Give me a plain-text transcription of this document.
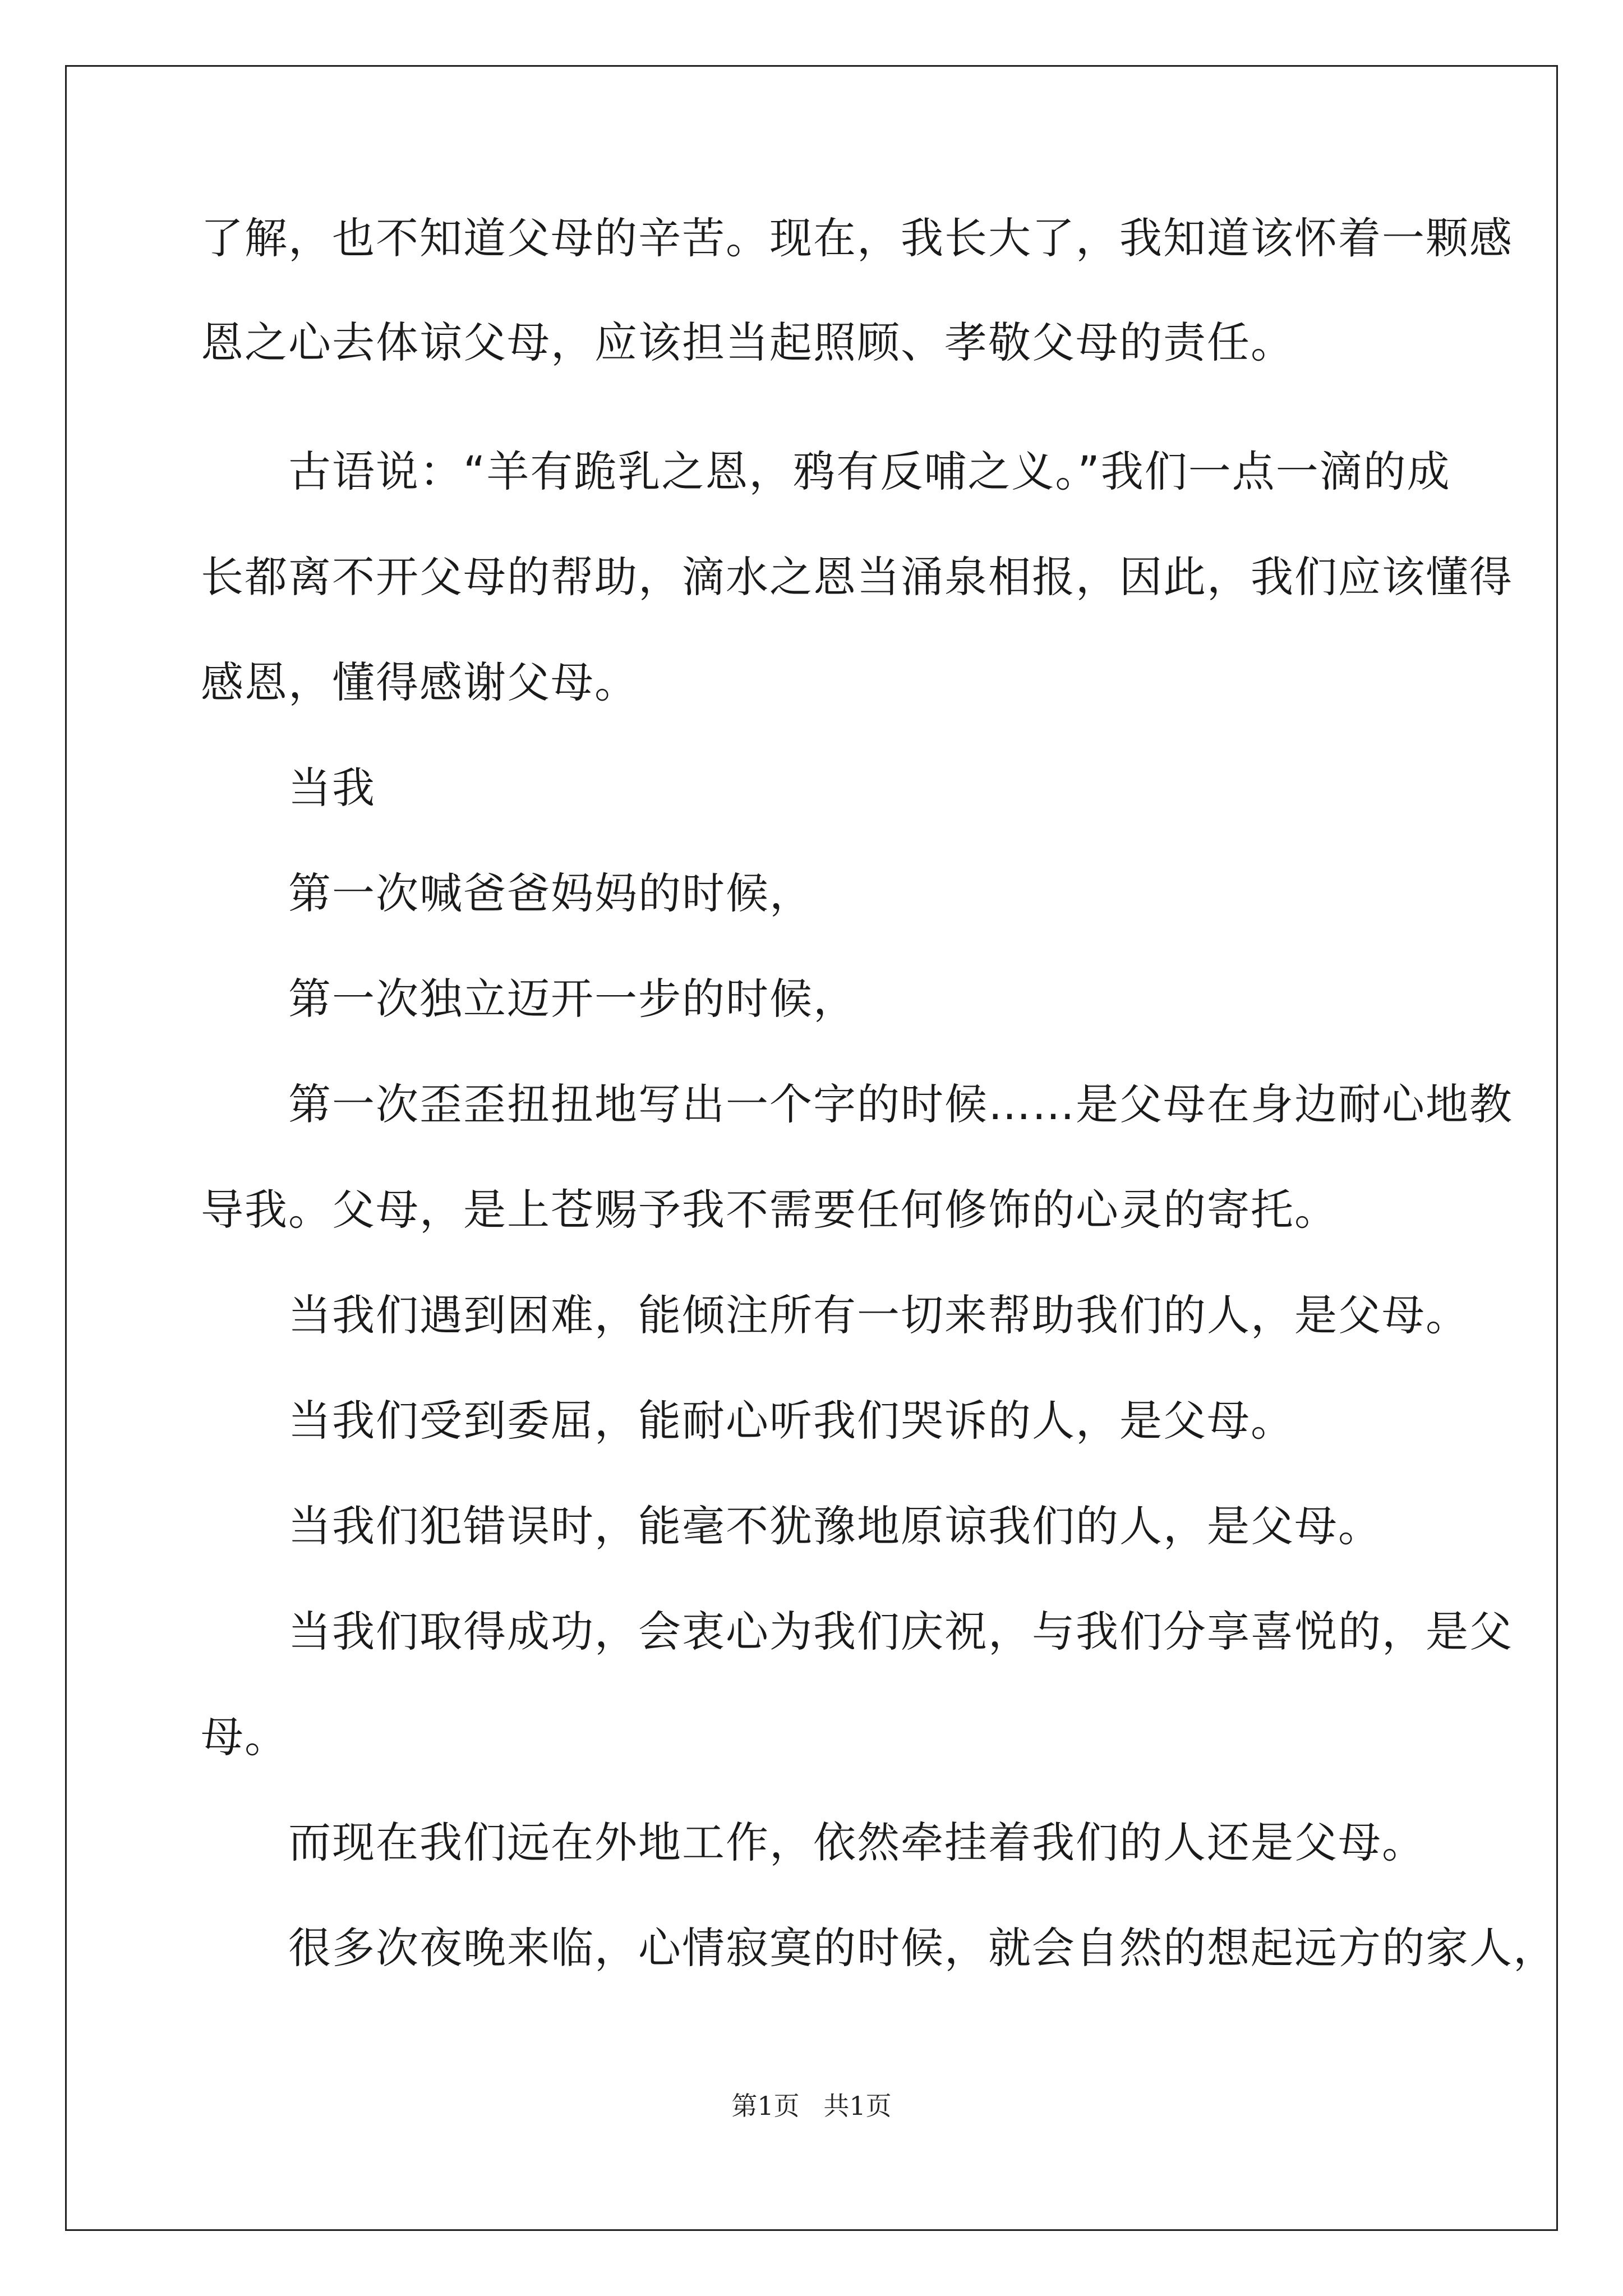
了解，也不知道父母的辛苦。现在，我长大了，我知道该怀着一颗感
恩之心去体谅父母，应该担当起照顾、孝敬父母的责任。
　　古语说：“羊有跪乳之恩，鸦有反哺之义。”我们一点一滴的成
长都离不开父母的帮助，滴水之恩当涌泉相报，因此，我们应该懂得
感恩，懂得感谢父母。
　　当我
　　第一次喊爸爸妈妈的时候，
　　第一次独立迈开一步的时候，
　　第一次歪歪扭扭地写出一个字的时候……是父母在身边耐心地教
导我。父母，是上苍赐予我不需要任何修饰的心灵的寄托。
　　当我们遇到困难，能倾注所有一切来帮助我们的人，是父母。
　　当我们受到委屈，能耐心听我们哭诉的人，是父母。
　　当我们犯错误时，能毫不犹豫地原谅我们的人，是父母。
　　当我们取得成功，会衷心为我们庆祝，与我们分享喜悦的，是父
母。
　　而现在我们远在外地工作，依然牵挂着我们的人还是父母。
　　很多次夜晚来临，心情寂寞的时候，就会自然的想起远方的家人，
第1页 共1页
